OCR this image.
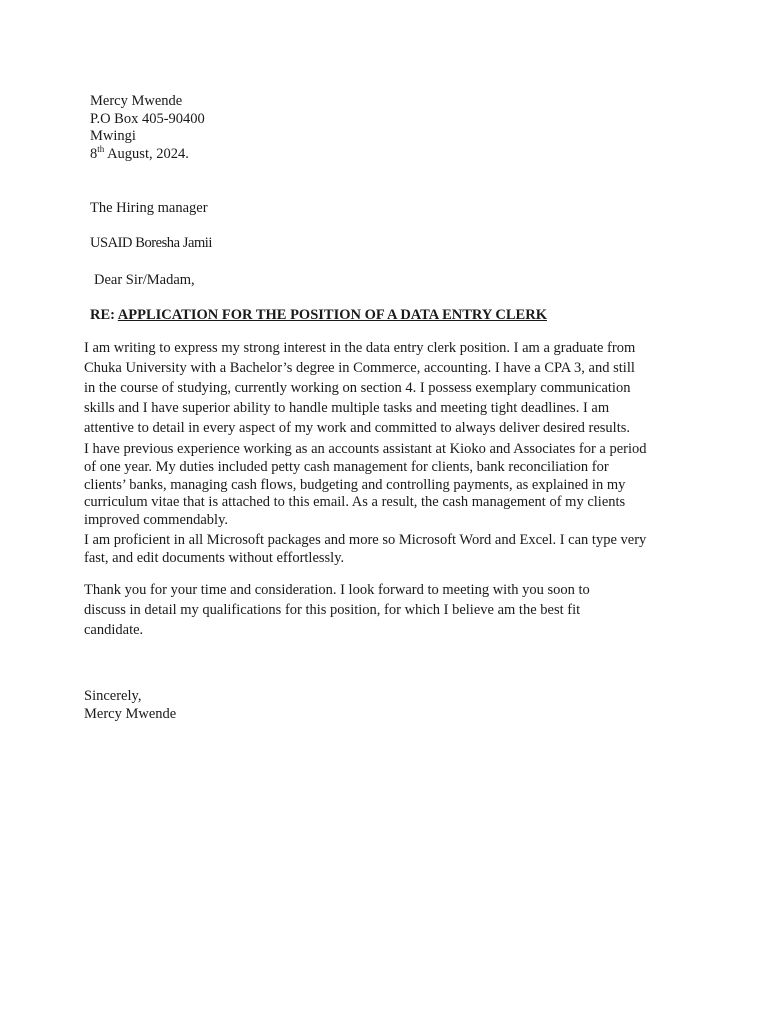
Mercy Mwende
P.O Box 405-90400
Mwingi
8th August, 2024.
The Hiring manager
USAID Boresha Jamii
Dear Sir/Madam,
RE: APPLICATION FOR THE POSITION OF A DATA ENTRY CLERK
I am writing to express my strong interest in the data entry clerk position. I am a graduate from
Chuka University with a Bachelor’s degree in Commerce, accounting. I have a CPA 3, and still
in the course of studying, currently working on section 4. I possess exemplary communication
skills and I have superior ability to handle multiple tasks and meeting tight deadlines. I am
attentive to detail in every aspect of my work and committed to always deliver desired results.
I have previous experience working as an accounts assistant at Kioko and Associates for a period
of one year. My duties included petty cash management for clients, bank reconciliation for
clients’ banks, managing cash flows, budgeting and controlling payments, as explained in my
curriculum vitae that is attached to this email. As a result, the cash management of my clients
improved commendably.
I am proficient in all Microsoft packages and more so Microsoft Word and Excel. I can type very
fast, and edit documents without effortlessly.
Thank you for your time and consideration. I look forward to meeting with you soon to
discuss in detail my qualifications for this position, for which I believe am the best fit
candidate.
Sincerely,
Mercy Mwende
